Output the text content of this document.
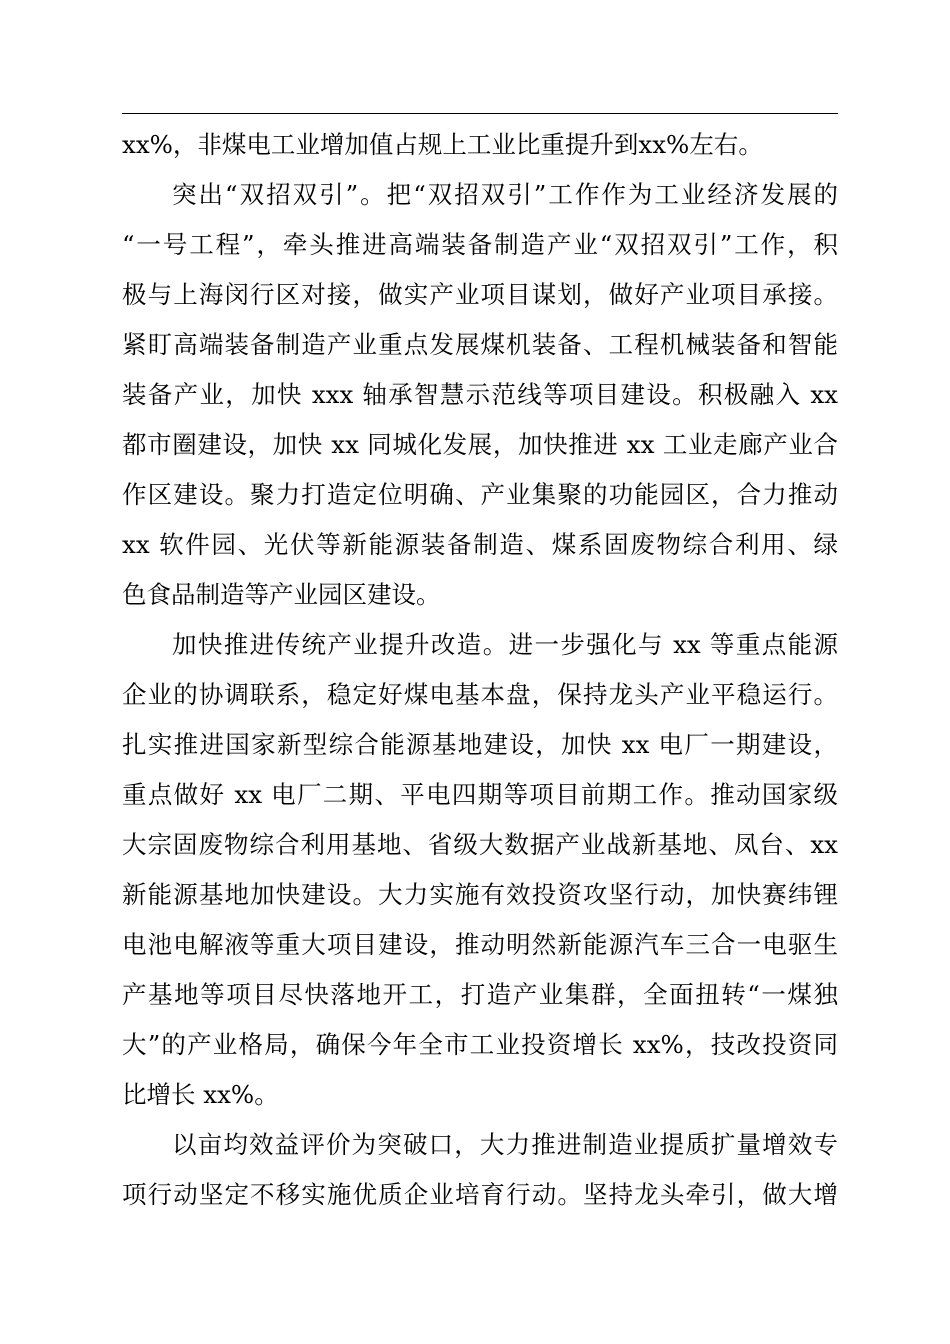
xx%，非煤电工业增加值占规上工业比重提升到xx%左右。
突出“双招双引”。把“双招双引”工作作为工业经济发展的
“一号工程”，牵头推进高端装备制造产业“双招双引”工作，积
极与上海闵行区对接，做实产业项目谋划，做好产业项目承接。
紧盯高端装备制造产业重点发展煤机装备、工程机械装备和智能
装备产业，加快 xxx 轴承智慧示范线等项目建设。积极融入 xx
都市圈建设，加快 xx 同城化发展，加快推进 xx 工业走廊产业合
作区建设。聚力打造定位明确、产业集聚的功能园区，合力推动
xx 软件园、光伏等新能源装备制造、煤系固废物综合利用、绿
色食品制造等产业园区建设。
加快推进传统产业提升改造。进一步强化与 xx 等重点能源
企业的协调联系，稳定好煤电基本盘，保持龙头产业平稳运行。
扎实推进国家新型综合能源基地建设，加快 xx 电厂一期建设，
重点做好 xx 电厂二期、平电四期等项目前期工作。推动国家级
大宗固废物综合利用基地、省级大数据产业战新基地、凤台、xx
新能源基地加快建设。大力实施有效投资攻坚行动，加快赛纬锂
电池电解液等重大项目建设，推动明然新能源汽车三合一电驱生
产基地等项目尽快落地开工，打造产业集群，全面扭转“一煤独
大”的产业格局，确保今年全市工业投资增长 xx%，技改投资同
比增长 xx%。
以亩均效益评价为突破口，大力推进制造业提质扩量增效专
项行动坚定不移实施优质企业培育行动。坚持龙头牵引，做大增
